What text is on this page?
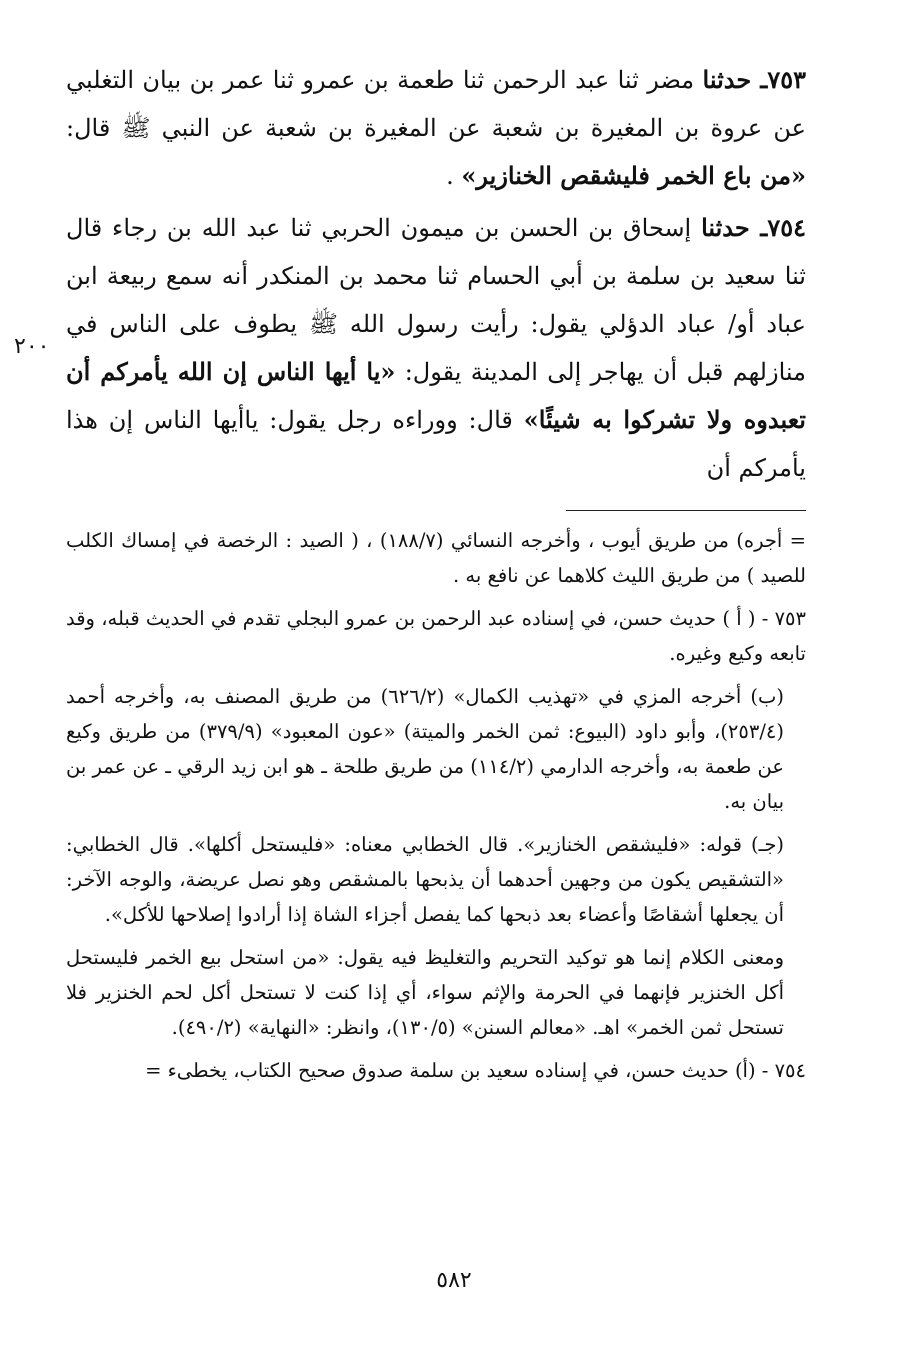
٧٥٣ـ حدثنا مضر ثنا عبد الرحمن ثنا طعمة بن عمرو ثنا عمر بن بيان التغلبي عن عروة بن المغيرة بن شعبة عن المغيرة بن شعبة عن النبي ﷺ قال: «من باع الخمر فليشقص الخنازير» .

٧٥٤ـ حدثنا إسحاق بن الحسن بن ميمون الحربي ثنا عبد الله بن رجاء قال ثنا سعيد بن سلمة بن أبي الحسام ثنا محمد بن المنكدر أنه سمع ربيعة ابن عباد أو/ عباد الدؤلي يقول: رأيت رسول الله ﷺ يطوف على الناس في منازلهم قبل أن يهاجر إلى المدينة يقول: «يا أيها الناس إن الله يأمركم أن تعبدوه ولا تشركوا به شيئًا» قال: ووراءه رجل يقول: ياأيها الناس إن هذا يأمركم أن

= أجره) من طريق أيوب ، وأخرجه النسائي (١٨٨/٧) ، ( الصيد : الرخصة في إمساك الكلب للصيد ) من طريق الليث كلاهما عن نافع به .

٧٥٣ - ( أ ) حديث حسن، في إسناده عبد الرحمن بن عمرو البجلي تقدم في الحديث قبله، وقد تابعه وكيع وغيره.

(ب) أخرجه المزي في «تهذيب الكمال» (٦٢٦/٢) من طريق المصنف به، وأخرجه أحمد (٢٥٣/٤)، وأبو داود (البيوع: ثمن الخمر والميتة) «عون المعبود» (٣٧٩/٩) من طريق وكيع عن طعمة به، وأخرجه الدارمي (١١٤/٢) من طريق طلحة ـ هو ابن زيد الرقي ـ عن عمر بن بيان به.

(جـ) قوله: «فليشقص الخنازير». قال الخطابي معناه: «فليستحل أكلها». قال الخطابي: «التشقيص يكون من وجهين أحدهما أن يذبحها بالمشقص وهو نصل عريضة، والوجه الآخر: أن يجعلها أشقاصًا وأعضاء بعد ذبحها كما يفصل أجزاء الشاة إذا أرادوا إصلاحها للأكل».

ومعنى الكلام إنما هو توكيد التحريم والتغليظ فيه يقول: «من استحل بيع الخمر فليستحل أكل الخنزير فإنهما في الحرمة والإثم سواء، أي إذا كنت لا تستحل أكل لحم الخنزير فلا تستحل ثمن الخمر» اهـ. «معالم السنن» (١٣٠/٥)، وانظر: «النهاية» (٤٩٠/٢).

٧٥٤ - (أ) حديث حسن، في إسناده سعيد بن سلمة صدوق صحيح الكتاب، يخطىء =

٢٠٠
٥٨٢
